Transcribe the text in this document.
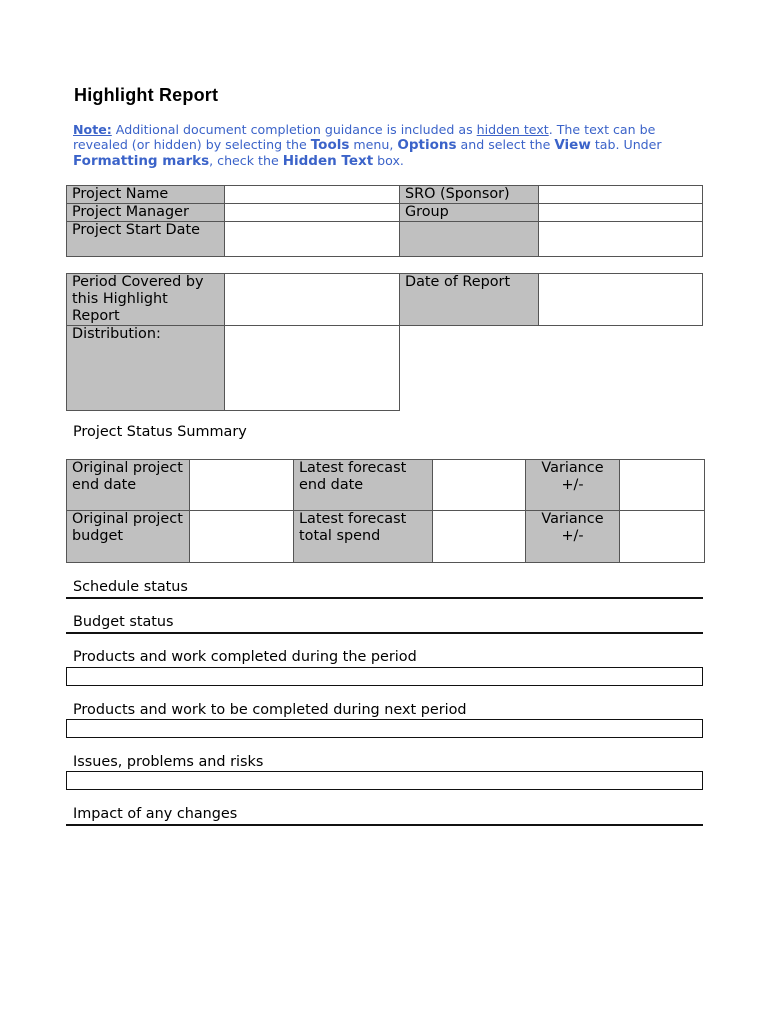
Highlight Report
Note: Additional document completion guidance is included as hidden text. The text can be revealed (or hidden) by selecting the Tools menu, Options and select the View tab. Under Formatting marks, check the Hidden Text box.
Project Name		SRO (Sponsor)	
Project Manager		Group	
Project Start Date			
Period Covered by this Highlight Report		Date of Report	
Distribution:			
Project Status Summary
Original project end date		Latest forecast end date		Variance +/-	
Original project budget		Latest forecast total spend		Variance +/-	
Schedule status
Budget status
Products and work completed during the period
Products and work to be completed during next period
Issues, problems and risks
Impact of any changes
